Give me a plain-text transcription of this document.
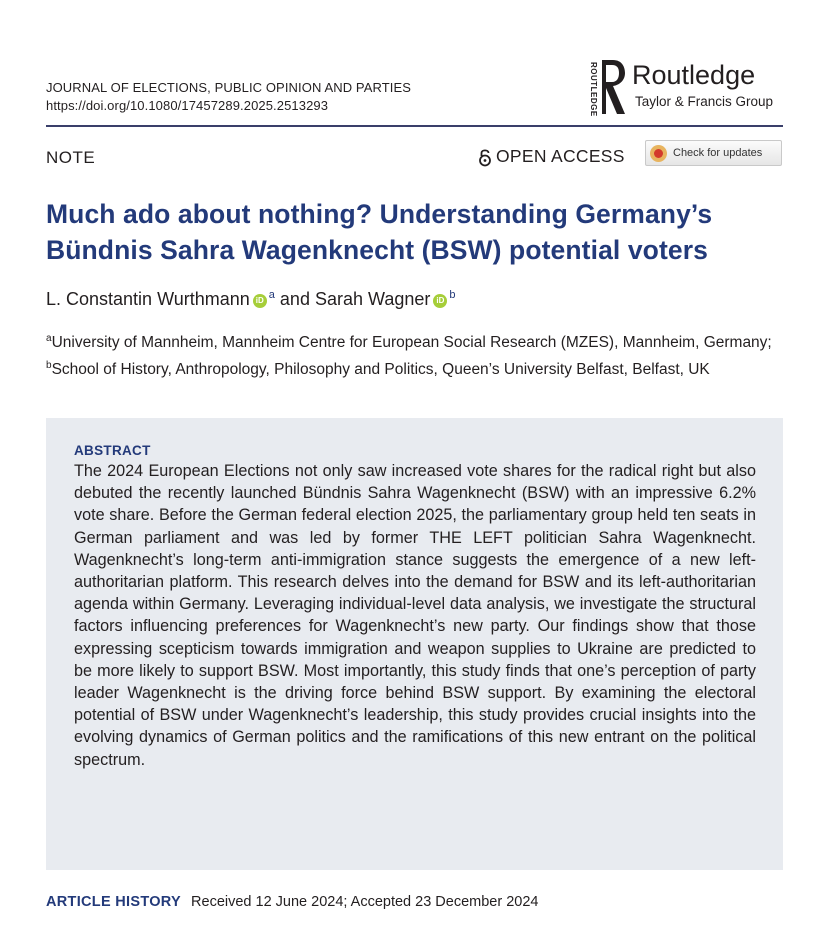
JOURNAL OF ELECTIONS, PUBLIC OPINION AND PARTIES
https://doi.org/10.1080/17457289.2025.2513293	ROUTLEDGE Routledge
Taylor & Francis Group
NOTE	OPEN ACCESS	Check for updates
Much ado about nothing? Understanding Germany’s Bündnis Sahra Wagenknecht (BSW) potential voters
L. Constantin Wurthmann iD $^a$ and Sarah Wagner iD $^b$

$^a$University of Mannheim, Mannheim Centre for European Social Research (MZES), Mannheim, Germany; $^b$School of History, Anthropology, Philosophy and Politics, Queen’s University Belfast, Belfast, UK

ABSTRACT

The 2024 European Elections not only saw increased vote shares for the radical right but also debuted the recently launched Bündnis Sahra Wagenknecht (BSW) with an impressive 6.2% vote share. Before the German federal election 2025, the parliamentary group held ten seats in German parliament and was led by former THE LEFT politician Sahra Wagenknecht. Wagenknecht’s long-term anti-immigration stance suggests the emergence of a new left-authoritarian platform. This research delves into the demand for BSW and its left-authoritarian agenda within Germany. Leveraging individual-level data analysis, we investigate the structural factors influencing preferences for Wagenknecht’s new party. Our findings show that those expressing scepticism towards immigration and weapon supplies to Ukraine are predicted to be more likely to support BSW. Most importantly, this study finds that one’s perception of party leader Wagenknecht is the driving force behind BSW support. By examining the electoral potential of BSW under Wagenknecht’s leadership, this study provides crucial insights into the evolving dynamics of German politics and the ramifications of this new entrant on the political spectrum.

ARTICLE HISTORY Received 12 June 2024; Accepted 23 December 2024
